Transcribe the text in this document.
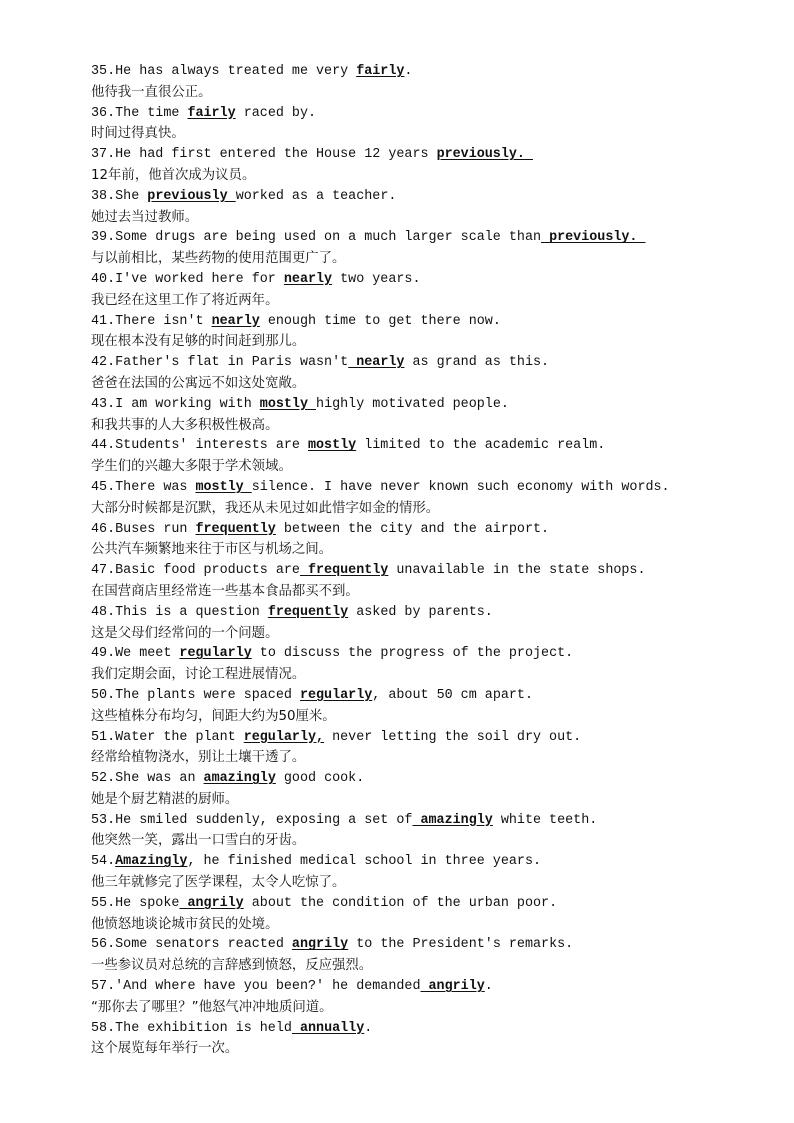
35.He has always treated me very fairly.
他待我一直很公正。
36.The time fairly raced by.
时间过得真快。
37.He had first entered the House 12 years previously.
12年前，他首次成为议员。
38.She previously worked as a teacher.
她过去当过教师。
39.Some drugs are being used on a much larger scale than previously.
与以前相比，某些药物的使用范围更广了。
40.I've worked here for nearly two years.
我已经在这里工作了将近两年。
41.There isn't nearly enough time to get there now.
现在根本没有足够的时间赶到那儿。
42.Father's flat in Paris wasn't nearly as grand as this.
爸爸在法国的公寓远不如这处宽敞。
43.I am working with mostly highly motivated people.
和我共事的人大多积极性极高。
44.Students' interests are mostly limited to the academic realm.
学生们的兴趣大多限于学术领域。
45.There was mostly silence. I have never known such economy with words.
大部分时候都是沉默，我还从未见过如此惜字如金的情形。
46.Buses run frequently between the city and the airport.
公共汽车频繁地来往于市区与机场之间。
47.Basic food products are frequently unavailable in the state shops.
在国营商店里经常连一些基本食品都买不到。
48.This is a question frequently asked by parents.
这是父母们经常问的一个问题。
49.We meet regularly to discuss the progress of the project.
我们定期会面，讨论工程进展情况。
50.The plants were spaced regularly, about 50 cm apart.
这些植株分布均匀，间距大约为50厘米。
51.Water the plant regularly, never letting the soil dry out.
经常给植物浇水，别让土壤干透了。
52.She was an amazingly good cook.
她是个厨艺精湛的厨师。
53.He smiled suddenly, exposing a set of amazingly white teeth.
他突然一笑，露出一口雪白的牙齿。
54.Amazingly, he finished medical school in three years.
他三年就修完了医学课程，太令人吃惊了。
55.He spoke angrily about the condition of the urban poor.
他愤怒地谈论城市贫民的处境。
56.Some senators reacted angrily to the President's remarks.
一些参议员对总统的言辞感到愤怒，反应强烈。
57.'And where have you been?' he demanded angrily.
“那你去了哪里？”他怒气冲冲地质问道。
58.The exhibition is held annually.
这个展览每年举行一次。
